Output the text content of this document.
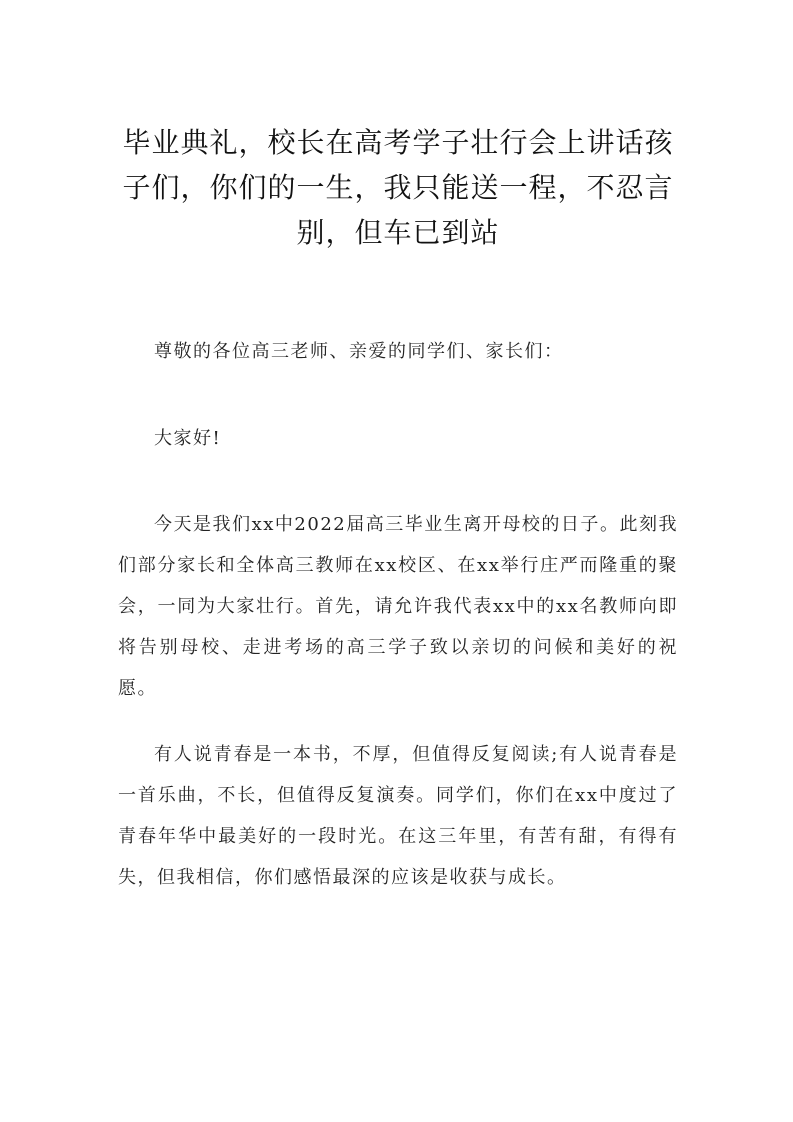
毕业典礼，校长在高考学子壮行会上讲话孩子们，你们的一生，我只能送一程，不忍言别，但车已到站

尊敬的各位高三老师、亲爱的同学们、家长们：

大家好!

今天是我们xx中2022届高三毕业生离开母校的日子。此刻我们部分家长和全体高三教师在xx校区、在xx举行庄严而隆重的聚会，一同为大家壮行。首先，请允许我代表xx中的xx名教师向即将告别母校、走进考场的高三学子致以亲切的问候和美好的祝愿。

有人说青春是一本书，不厚，但值得反复阅读;有人说青春是一首乐曲，不长，但值得反复演奏。同学们，你们在xx中度过了青春年华中最美好的一段时光。在这三年里，有苦有甜，有得有失，但我相信，你们感悟最深的应该是收获与成长。
